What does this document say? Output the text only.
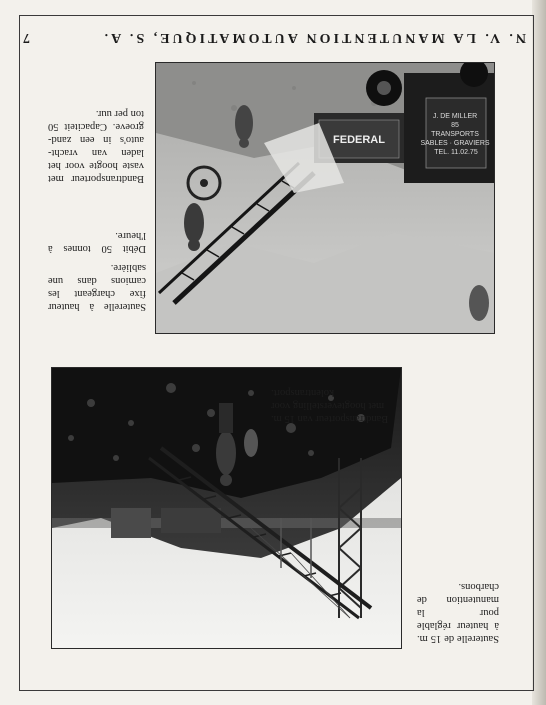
N. V. LA MANUTENTION AUTOMATIQUE, S. A.
7

Sauterelle de 15 m. à hauteur réglable pour la manutention de charbons.

Bandtransporteur van 15 m. met hoogteverstelling voor kolentransport.

J. DE MILLER 85 TRANSPORTS SABLES · GRAVIERS TEL. 11.02.75
FEDERAL

Sauterelle à hauteur fixe chargeant les camions dans une sablière.

Débit 50 tonnes à l'heure.

Bandtransporteur met vaste hoogte voor het laden van vracht-auto's in een zand-groeve. Capaciteit 50 ton per uur.
